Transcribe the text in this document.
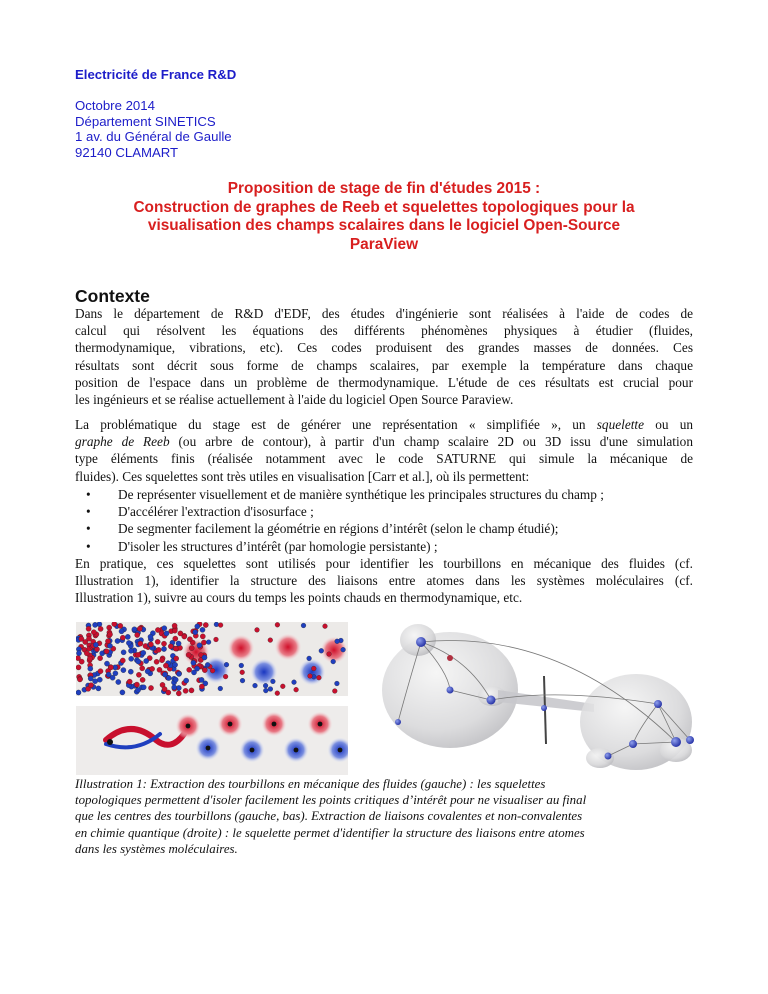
Electricité de France R&D
Octobre 2014
Département SINETICS
1 av. du Général de Gaulle
92140 CLAMART
Proposition de stage de fin d'études 2015 :
Construction de graphes de Reeb et squelettes topologiques pour la
visualisation des champs scalaires dans le logiciel Open-Source
ParaView
Contexte
Dans le département de R&D d'EDF, des études d'ingénierie sont réalisées à l'aide de codes de
calcul qui résolvent les équations des différents phénomènes physiques à étudier (fluides,
thermodynamique, vibrations, etc). Ces codes produisent des grandes masses de données. Ces
résultats sont décrit sous forme de champs scalaires, par exemple la température dans chaque
position de l'espace dans un problème de thermodynamique. L'étude de ces résultats est crucial pour
les ingénieurs et se réalise actuellement à l'aide du logiciel Open Source Paraview.
La problématique du stage est de générer une représentation « simplifiée », un squelette ou un
graphe de Reeb (ou arbre de contour), à partir d'un champ scalaire 2D ou 3D issu d'une simulation
type éléments finis (réalisée notamment avec le code SATURNE qui simule la mécanique de
fluides). Ces squelettes sont très utiles en visualisation [Carr et al.], où ils permettent:
• De représenter visuellement et de manière synthétique les principales structures du champ ;
• D'accélérer l'extraction d'isosurface ;
• De segmenter facilement la géométrie en régions d’intérêt (selon le champ étudié);
• D'isoler les structures d’intérêt (par homologie persistante) ;
En pratique, ces squelettes sont utilisés pour identifier les tourbillons en mécanique des fluides (cf.
Illustration 1), identifier la structure des liaisons entre atomes dans les systèmes moléculaires (cf.
Illustration 1), suivre au cours du temps les points chauds en thermodynamique, etc.
Illustration 1: Extraction des tourbillons en mécanique des fluides (gauche) : les squelettes
topologiques permettent d'isoler facilement les points critiques d’intérêt pour ne visualiser au final
que les centres des tourbillons (gauche, bas). Extraction de liaisons covalentes et non-convalentes
en chimie quantique (droite) : le squelette permet d'identifier la structure des liaisons entre atomes
dans les systèmes moléculaires.
